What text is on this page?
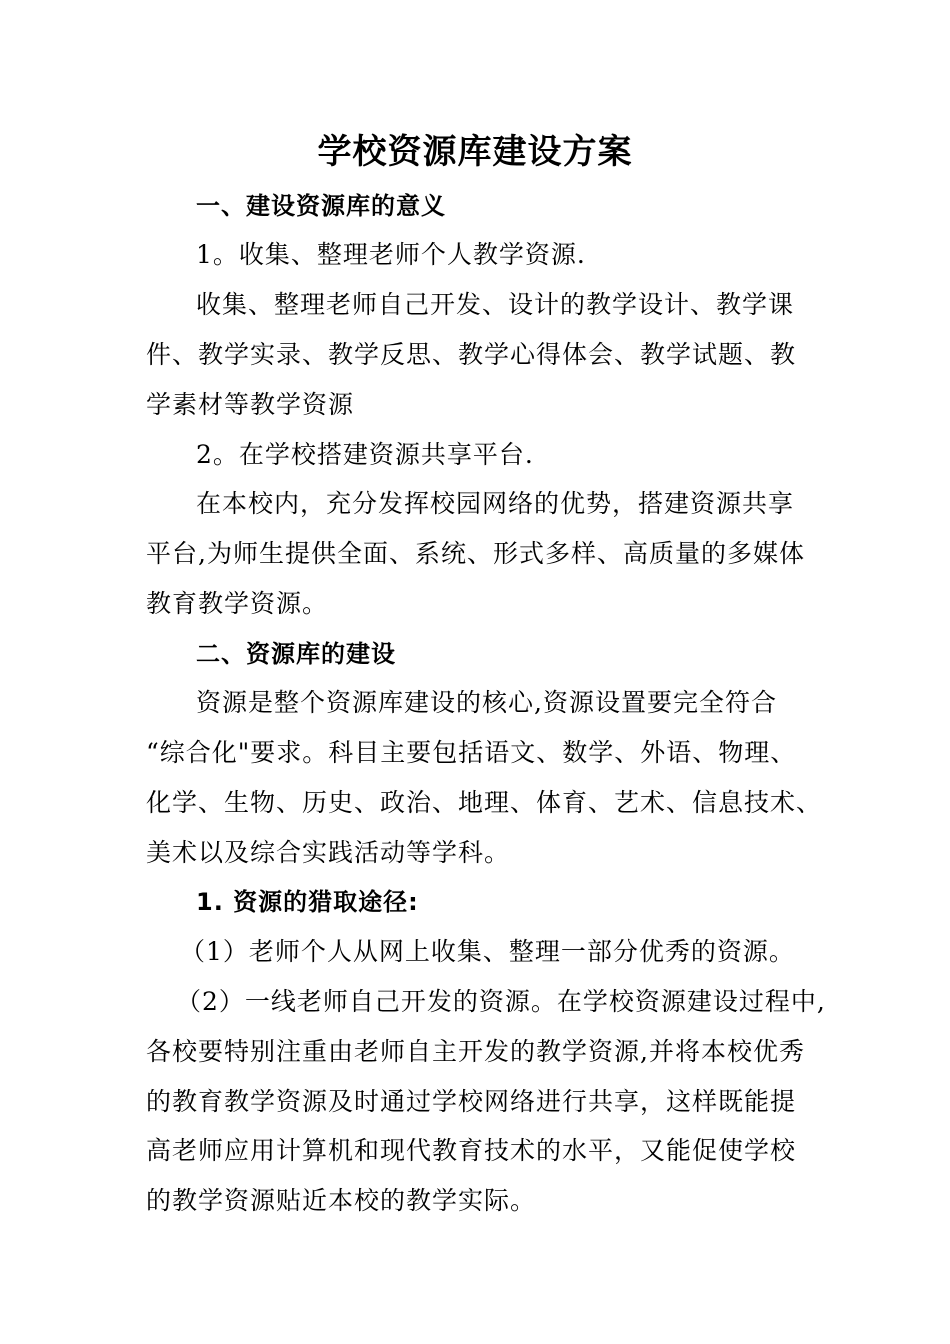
学校资源库建设方案
一、建设资源库的意义
1。收集、整理老师个人教学资源.
收集、整理老师自己开发、设计的教学设计、教学课
件、教学实录、教学反思、教学心得体会、教学试题、教
学素材等教学资源
2。在学校搭建资源共享平台.
在本校内，充分发挥校园网络的优势，搭建资源共享
平台,为师生提供全面、系统、形式多样、高质量的多媒体
教育教学资源。
二、资源库的建设
资源是整个资源库建设的核心,资源设置要完全符合
“综合化"要求。科目主要包括语文、数学、外语、物理、
化学、生物、历史、政治、地理、体育、艺术、信息技术、
美术以及综合实践活动等学科。
1. 资源的猎取途径:
（1）老师个人从网上收集、整理一部分优秀的资源。
（2）一线老师自己开发的资源。在学校资源建设过程中,
各校要特别注重由老师自主开发的教学资源,并将本校优秀
的教育教学资源及时通过学校网络进行共享，这样既能提
高老师应用计算机和现代教育技术的水平，又能促使学校
的教学资源贴近本校的教学实际。
